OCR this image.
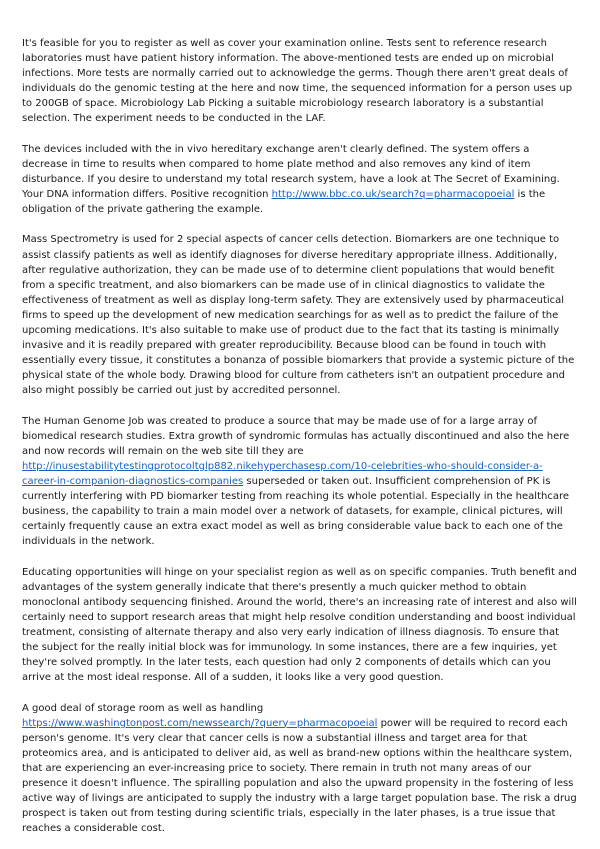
It's feasible for you to register as well as cover your examination online. Tests sent to reference research laboratories must have patient history information. The above-mentioned tests are ended up on microbial infections. More tests are normally carried out to acknowledge the germs. Though there aren't great deals of individuals do the genomic testing at the here and now time, the sequenced information for a person uses up to 200GB of space. Microbiology Lab Picking a suitable microbiology research laboratory is a substantial selection. The experiment needs to be conducted in the LAF.

The devices included with the in vivo hereditary exchange aren't clearly defined. The system offers a decrease in time to results when compared to home plate method and also removes any kind of item disturbance. If you desire to understand my total research system, have a look at The Secret of Examining. Your DNA information differs. Positive recognition http://www.bbc.co.uk/search?q=pharmacopoeial is the obligation of the private gathering the example.

Mass Spectrometry is used for 2 special aspects of cancer cells detection. Biomarkers are one technique to assist classify patients as well as identify diagnoses for diverse hereditary appropriate illness. Additionally, after regulative authorization, they can be made use of to determine client populations that would benefit from a specific treatment, and also biomarkers can be made use of in clinical diagnostics to validate the effectiveness of treatment as well as display long-term safety. They are extensively used by pharmaceutical firms to speed up the development of new medication searchings for as well as to predict the failure of the upcoming medications. It's also suitable to make use of product due to the fact that its tasting is minimally invasive and it is readily prepared with greater reproducibility. Because blood can be found in touch with essentially every tissue, it constitutes a bonanza of possible biomarkers that provide a systemic picture of the physical state of the whole body. Drawing blood for culture from catheters isn't an outpatient procedure and also might possibly be carried out just by accredited personnel.

The Human Genome Job was created to produce a source that may be made use of for a large array of biomedical research studies. Extra growth of syndromic formulas has actually discontinued and also the here and now records will remain on the web site till they are http://inusestabilitytestingprotocoltglp882.nikehyperchasesp.com/10-celebrities-who-should-consider-a-career-in-companion-diagnostics-companies superseded or taken out. Insufficient comprehension of PK is currently interfering with PD biomarker testing from reaching its whole potential. Especially in the healthcare business, the capability to train a main model over a network of datasets, for example, clinical pictures, will certainly frequently cause an extra exact model as well as bring considerable value back to each one of the individuals in the network.

Educating opportunities will hinge on your specialist region as well as on specific companies. Truth benefit and advantages of the system generally indicate that there's presently a much quicker method to obtain monoclonal antibody sequencing finished. Around the world, there's an increasing rate of interest and also will certainly need to support research areas that might help resolve condition understanding and boost individual treatment, consisting of alternate therapy and also very early indication of illness diagnosis. To ensure that the subject for the really initial block was for immunology. In some instances, there are a few inquiries, yet they're solved promptly. In the later tests, each question had only 2 components of details which can you arrive at the most ideal response. All of a sudden, it looks like a very good question.

A good deal of storage room as well as handling
https://www.washingtonpost.com/newssearch/?query=pharmacopoeial power will be required to record each person's genome. It's very clear that cancer cells is now a substantial illness and target area for that proteomics area, and is anticipated to deliver aid, as well as brand-new options within the healthcare system, that are experiencing an ever-increasing price to society. There remain in truth not many areas of our presence it doesn't influence. The spiralling population and also the upward propensity in the fostering of less active way of livings are anticipated to supply the industry with a large target population base. The risk a drug prospect is taken out from testing during scientific trials, especially in the later phases, is a true issue that reaches a considerable cost.
